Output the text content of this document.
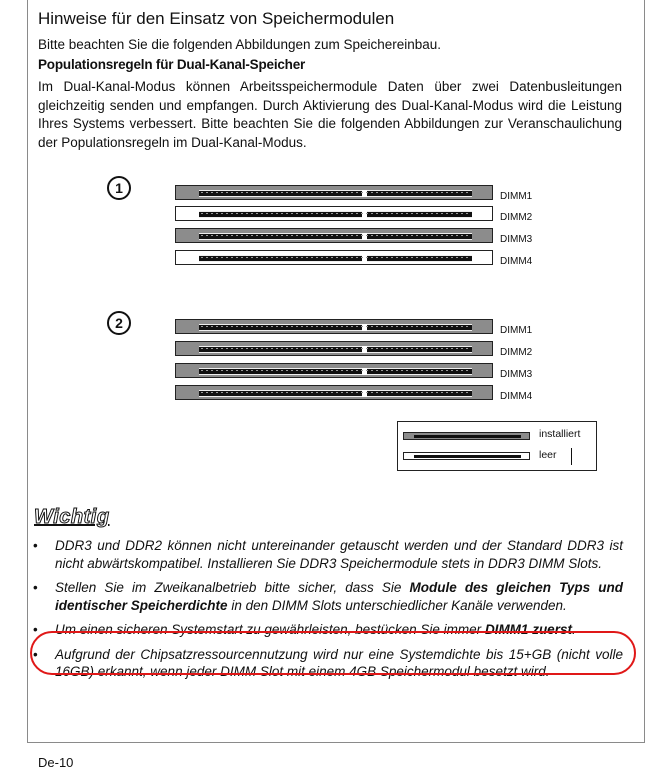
Hinweise für den Einsatz von Speichermodulen
Bitte beachten Sie die folgenden Abbildungen zum Speichereinbau.
Populationsregeln für Dual-Kanal-Speicher
Im Dual-Kanal-Modus können Arbeitsspeichermodule Daten über zwei Datenbusleitungen gleichzeitig senden und empfangen. Durch Aktivierung des Dual-Kanal-Modus wird die Leistung Ihres Systems verbessert. Bitte beachten Sie die folgenden Abbildungen zur Veranschaulichung der Populationsregeln im Dual-Kanal-Modus.
1
DIMM1
DIMM2
DIMM3
DIMM4
2	DIMM1
DIMM2
DIMM3
DIMM4
installiert
leer
Wichtig
• DDR3 und DDR2 können nicht untereinander getauscht werden und der Standard DDR3 ist nicht abwärtskompatibel. Installieren Sie DDR3 Speichermodule stets in DDR3 DIMM Slots.
• Stellen Sie im Zweikanalbetrieb bitte sicher, dass Sie Module des gleichen Typs und identischer Speicherdichte in den DIMM Slots unterschiedlicher Kanäle verwenden.
• Um einen sicheren Systemstart zu gewährleisten, bestücken Sie immer DIMM1 zuerst.
• Aufgrund der Chipsatzressourcennutzung wird nur eine Systemdichte bis 15+GB (nicht volle 16GB) erkannt, wenn jeder DIMM Slot mit einem 4GB Speichermodul besetzt wird.
De-10
